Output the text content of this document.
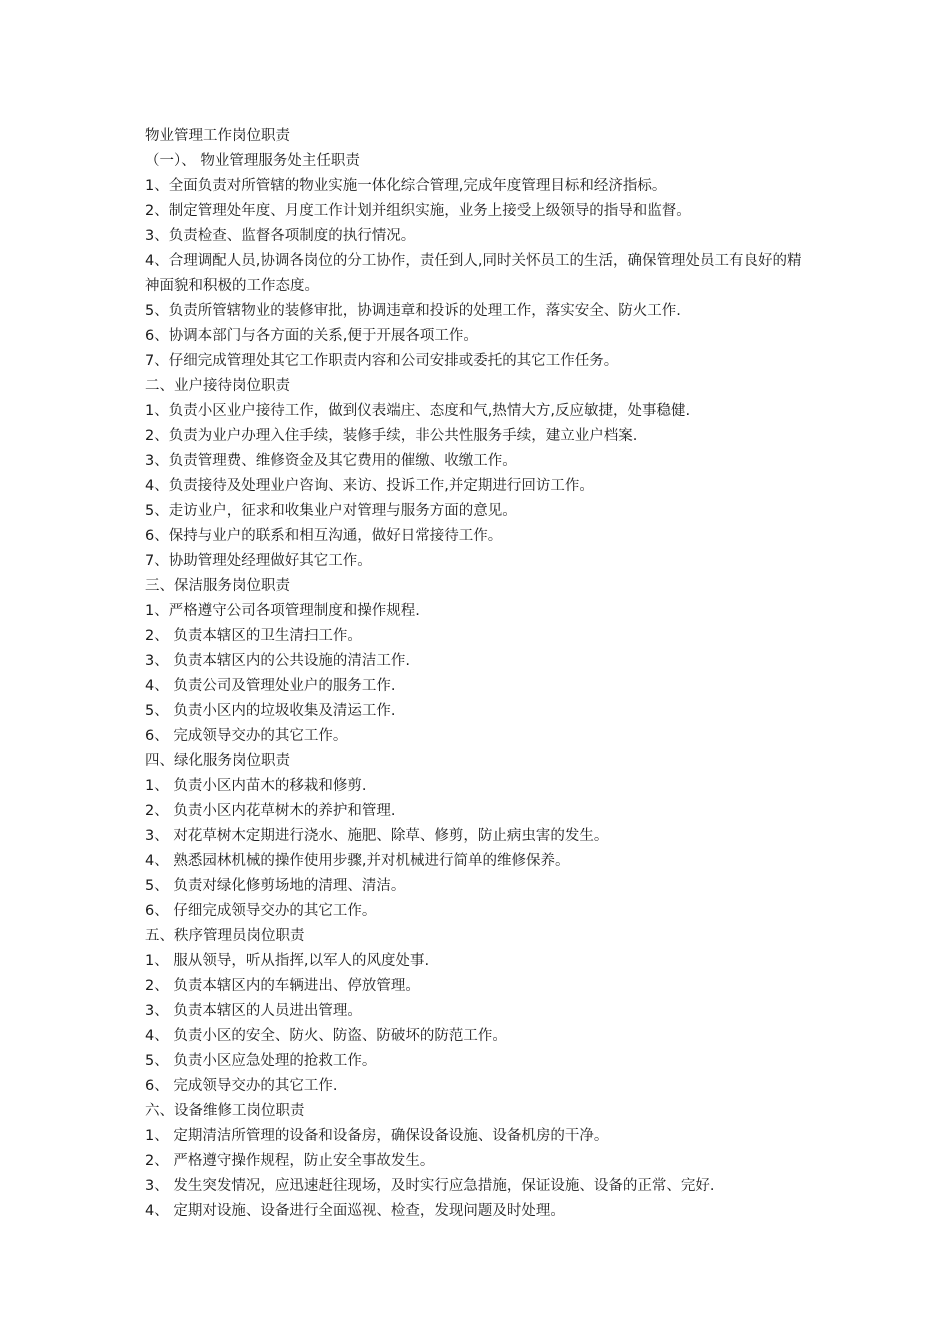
物业管理工作岗位职责

（一）、 物业管理服务处主任职责

1、全面负责对所管辖的物业实施一体化综合管理,完成年度管理目标和经济指标。

2、制定管理处年度、月度工作计划并组织实施，业务上接受上级领导的指导和监督。

3、负责检查、监督各项制度的执行情况。

4、合理调配人员,协调各岗位的分工协作，责任到人,同时关怀员工的生活，确保管理处员工有良好的精神面貌和积极的工作态度。

5、负责所管辖物业的装修审批，协调违章和投诉的处理工作，落实安全、防火工作.

6、协调本部门与各方面的关系,便于开展各项工作。

7、仔细完成管理处其它工作职责内容和公司安排或委托的其它工作任务。

二、业户接待岗位职责

1、负责小区业户接待工作，做到仪表端庄、态度和气,热情大方,反应敏捷，处事稳健.

2、负责为业户办理入住手续，装修手续，非公共性服务手续，建立业户档案.

3、负责管理费、维修资金及其它费用的催缴、收缴工作。

4、负责接待及处理业户咨询、来访、投诉工作,并定期进行回访工作。

5、走访业户，征求和收集业户对管理与服务方面的意见。

6、保持与业户的联系和相互沟通，做好日常接待工作。

7、协助管理处经理做好其它工作。

三、保洁服务岗位职责

1、严格遵守公司各项管理制度和操作规程.

2、 负责本辖区的卫生清扫工作。

3、 负责本辖区内的公共设施的清洁工作.

4、 负责公司及管理处业户的服务工作.

5、 负责小区内的垃圾收集及清运工作.

6、 完成领导交办的其它工作。

四、绿化服务岗位职责

1、 负责小区内苗木的移栽和修剪.

2、 负责小区内花草树木的养护和管理.

3、 对花草树木定期进行浇水、施肥、除草、修剪，防止病虫害的发生。

4、 熟悉园林机械的操作使用步骤,并对机械进行简单的维修保养。

5、 负责对绿化修剪场地的清理、清洁。

6、 仔细完成领导交办的其它工作。

五、秩序管理员岗位职责

1、 服从领导，听从指挥,以军人的风度处事.

2、 负责本辖区内的车辆进出、停放管理。

3、 负责本辖区的人员进出管理。

4、 负责小区的安全、防火、防盗、防破坏的防范工作。

5、 负责小区应急处理的抢救工作。

6、 完成领导交办的其它工作.

六、设备维修工岗位职责

1、 定期清洁所管理的设备和设备房，确保设备设施、设备机房的干净。

2、 严格遵守操作规程，防止安全事故发生。

3、 发生突发情况，应迅速赶往现场，及时实行应急措施，保证设施、设备的正常、完好.

4、 定期对设施、设备进行全面巡视、检查，发现问题及时处理。
